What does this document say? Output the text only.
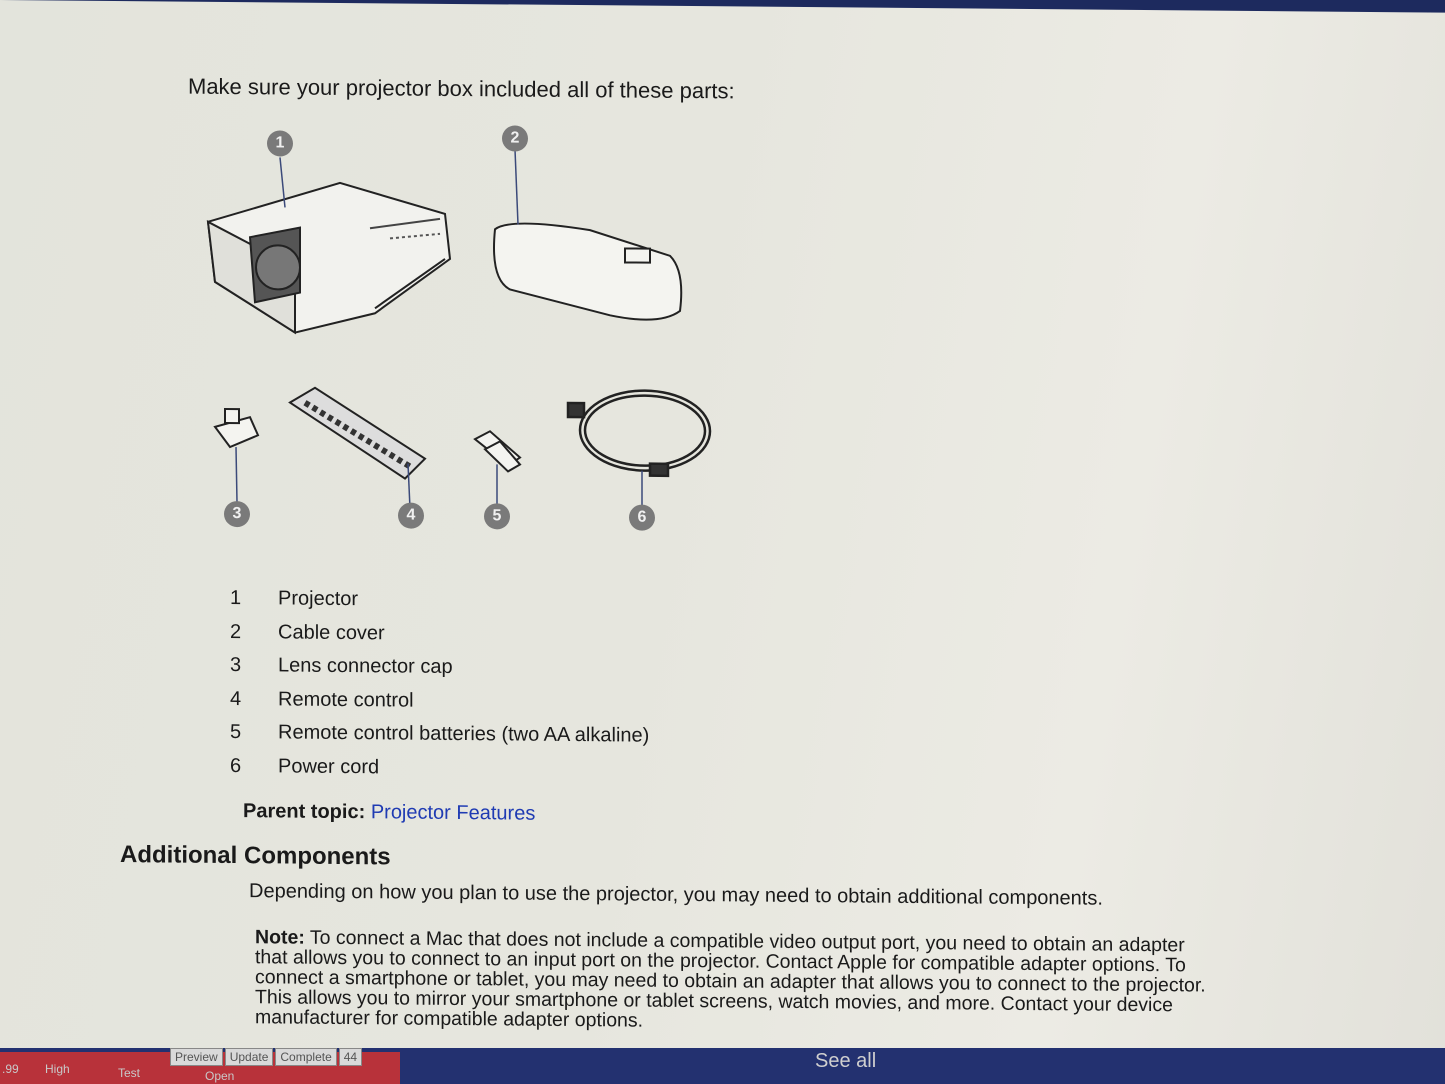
Make sure your projector box included all of these parts:
1	2
3	4	5	6
1	Projector
2	Cable cover
3	Lens connector cap
4	Remote control
5	Remote control batteries (two AA alkaline)
6	Power cord
Parent topic: Projector Features
Additional Components
Depending on how you plan to use the projector, you may need to obtain additional components.
Note: To connect a Mac that does not include a compatible video output port, you need to obtain an adapter that allows you to connect to an input port on the projector. Contact Apple for compatible adapter options. To connect a smartphone or tablet, you may need to obtain an adapter that allows you to connect to the projector. This allows you to mirror your smartphone or tablet screens, watch movies, and more. Contact your device manufacturer for compatible adapter options.
.99 High	Test	Open
Preview	Update	Complete	44	See all
